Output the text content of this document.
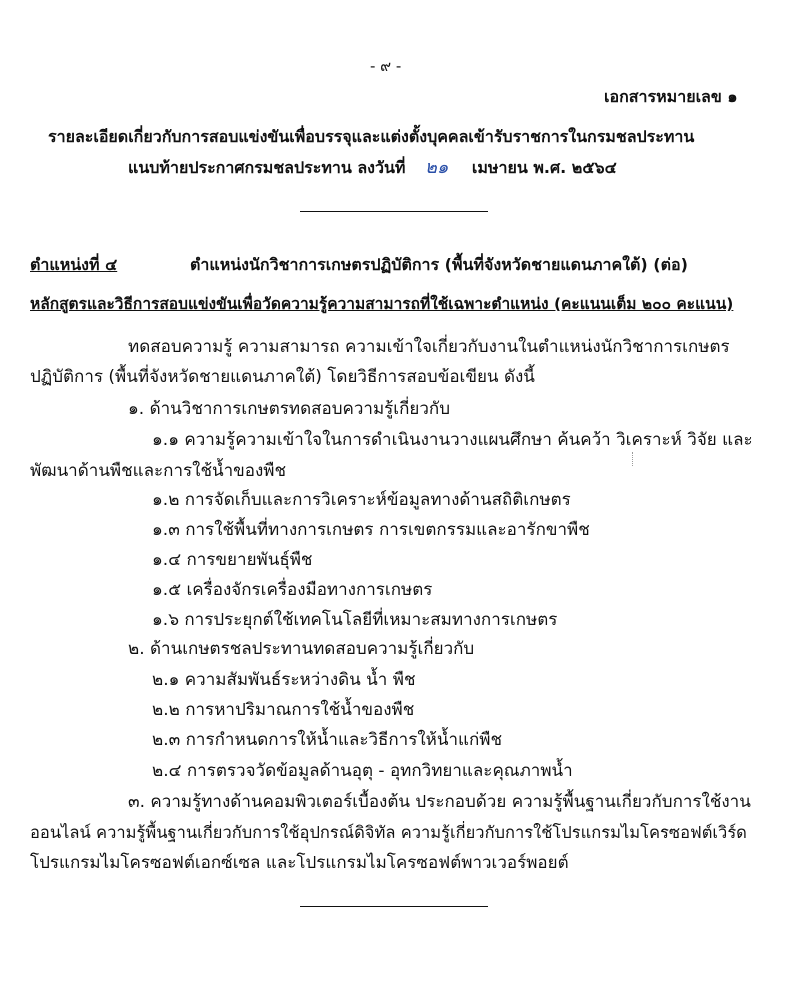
- ๙ -
เอกสารหมายเลข ๑
รายละเอียดเกี่ยวกับการสอบแข่งขันเพื่อบรรจุและแต่งตั้งบุคคลเข้ารับราชการในกรมชลประทาน
แนบท้ายประกาศกรมชลประทาน ลงวันที่ ๒๑ เมษายน พ.ศ. ๒๕๖๔
ตำแหน่งที่ ๔	ตำแหน่งนักวิชาการเกษตรปฏิบัติการ (พื้นที่จังหวัดชายแดนภาคใต้) (ต่อ)
หลักสูตรและวิธีการสอบแข่งขันเพื่อวัดความรู้ความสามารถที่ใช้เฉพาะตำแหน่ง (คะแนนเต็ม ๒๐๐ คะแนน)
ทดสอบความรู้ ความสามารถ ความเข้าใจเกี่ยวกับงานในตำแหน่งนักวิชาการเกษตร
ปฏิบัติการ (พื้นที่จังหวัดชายแดนภาคใต้) โดยวิธีการสอบข้อเขียน ดังนี้
๑. ด้านวิชาการเกษตรทดสอบความรู้เกี่ยวกับ
๑.๑ ความรู้ความเข้าใจในการดำเนินงานวางแผนศึกษา ค้นคว้า วิเคราะห์ วิจัย และ
พัฒนาด้านพืชและการใช้น้ำของพืช
๑.๒ การจัดเก็บและการวิเคราะห์ข้อมูลทางด้านสถิติเกษตร
๑.๓ การใช้พื้นที่ทางการเกษตร การเขตกรรมและอารักขาพืช
๑.๔ การขยายพันธุ์พืช
๑.๕ เครื่องจักรเครื่องมือทางการเกษตร
๑.๖ การประยุกต์ใช้เทคโนโลยีที่เหมาะสมทางการเกษตร
๒. ด้านเกษตรชลประทานทดสอบความรู้เกี่ยวกับ
๒.๑ ความสัมพันธ์ระหว่างดิน น้ำ พืช
๒.๒ การหาปริมาณการใช้น้ำของพืช
๒.๓ การกำหนดการให้น้ำและวิธีการให้น้ำแก่พืช
๒.๔ การตรวจวัดข้อมูลด้านอุตุ - อุทกวิทยาและคุณภาพน้ำ
๓. ความรู้ทางด้านคอมพิวเตอร์เบื้องต้น ประกอบด้วย ความรู้พื้นฐานเกี่ยวกับการใช้งาน
ออนไลน์ ความรู้พื้นฐานเกี่ยวกับการใช้อุปกรณ์ดิจิทัล ความรู้เกี่ยวกับการใช้โปรแกรมไมโครซอฟต์เวิร์ด
โปรแกรมไมโครซอฟต์เอกซ์เซล และโปรแกรมไมโครซอฟต์พาวเวอร์พอยต์
